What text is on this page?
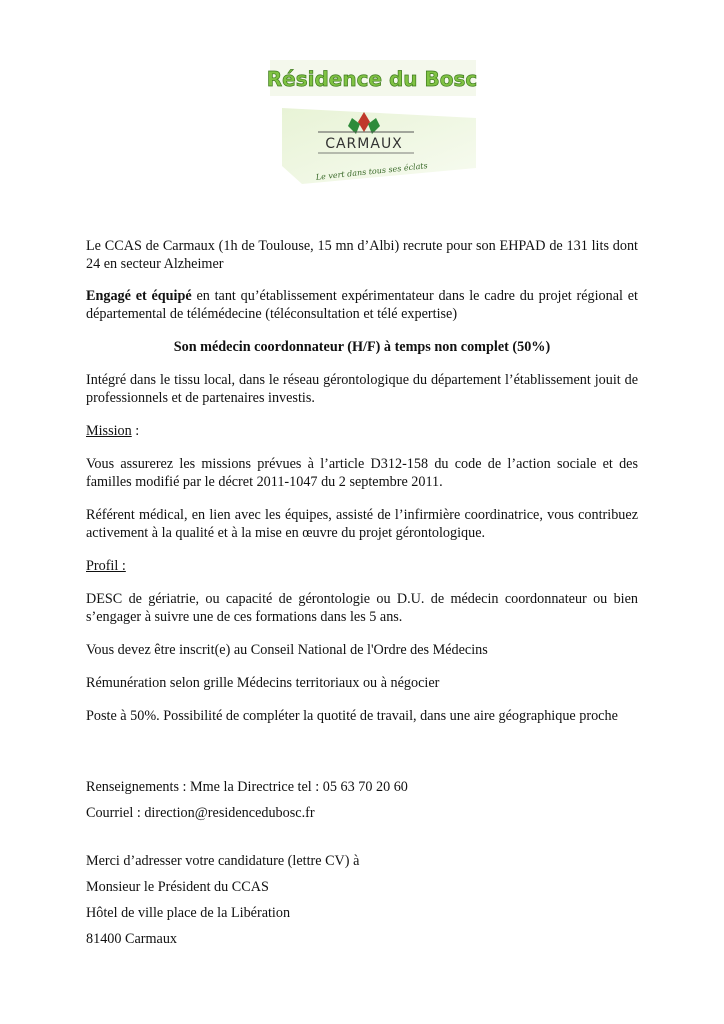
Résidence du Bosc
CARMAUX
Le vert dans tous ses éclats

Le CCAS de Carmaux (1h de Toulouse, 15 mn d’Albi) recrute pour son EHPAD de 131 lits dont 24 en secteur Alzheimer

Engagé et équipé en tant qu’établissement expérimentateur dans le cadre du projet régional et départemental de télémédecine (téléconsultation et télé expertise)

Son médecin coordonnateur (H/F) à temps non complet (50%)

Intégré dans le tissu local, dans le réseau gérontologique du département l’établissement jouit de professionnels et de partenaires investis.

Mission :

Vous assurerez les missions prévues à l’article D312-158 du code de l’action sociale et des familles modifié par le décret 2011-1047 du 2 septembre 2011.

Référent médical, en lien avec les équipes, assisté de l’infirmière coordinatrice, vous contribuez activement à la qualité et à la mise en œuvre du projet gérontologique.

Profil :

DESC de gériatrie, ou capacité de gérontologie ou D.U. de médecin coordonnateur ou bien s’engager à suivre une de ces formations dans les 5 ans.

Vous devez être inscrit(e) au Conseil National de l'Ordre des Médecins

Rémunération selon grille Médecins territoriaux ou à négocier

Poste à 50%. Possibilité de compléter la quotité de travail, dans une aire géographique proche

Renseignements : Mme la Directrice tel : 05 63 70 20 60

Courriel : direction@residencedubosc.fr

Merci d’adresser votre candidature (lettre CV) à

Monsieur le Président du CCAS

Hôtel de ville place de la Libération

81400 Carmaux
